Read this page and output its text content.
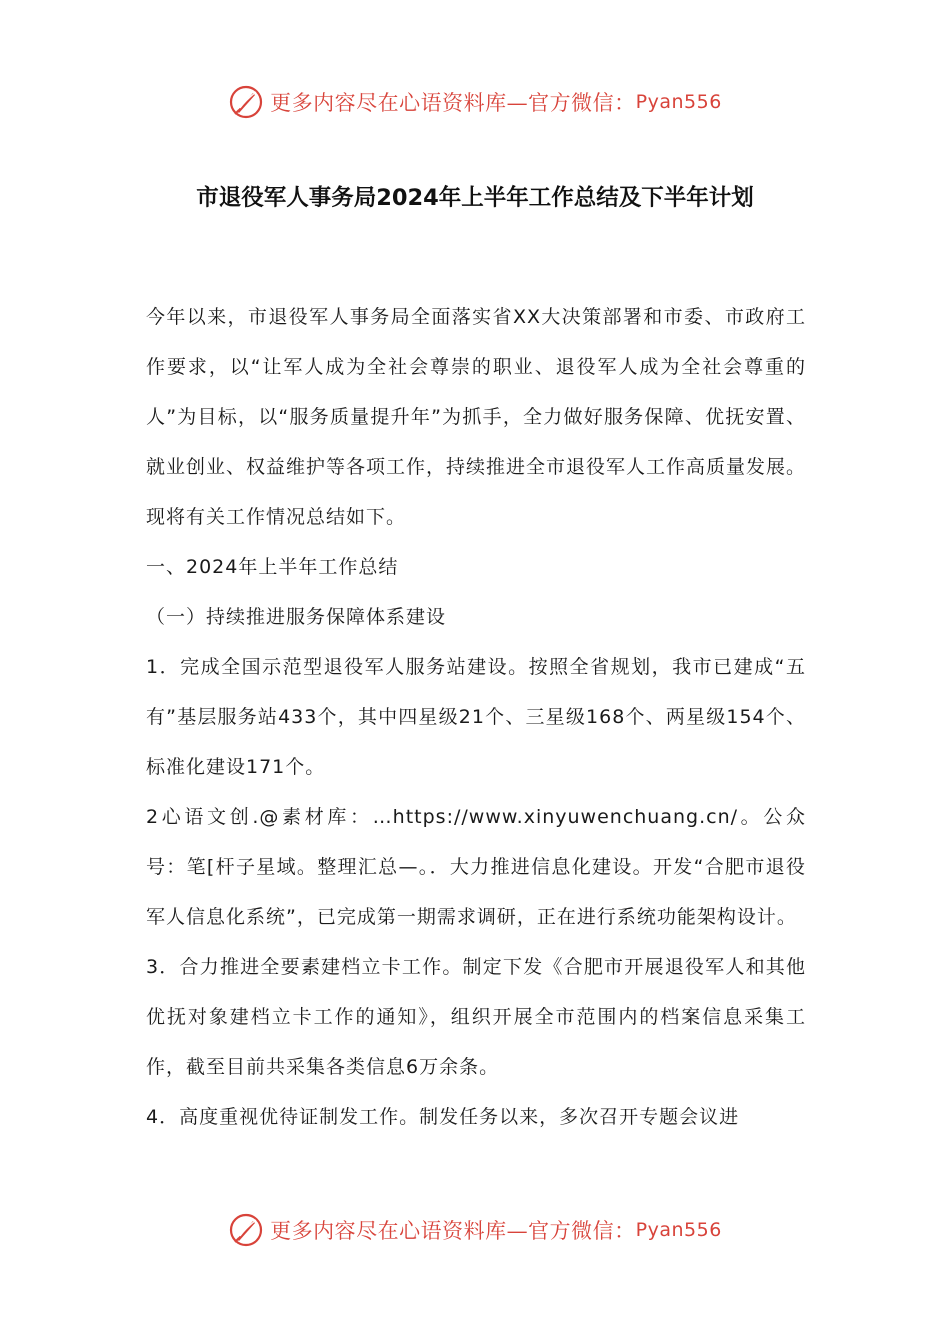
更多内容尽在心语资料库—官方微信： Pyan556
市退役军人事务局2024年上半年工作总结及下半年计划

今年以来，市退役军人事务局全面落实省XX大决策部署和市委、市政府工作要求，以“让军人成为全社会尊崇的职业、退役军人成为全社会尊重的人”为目标，以“服务质量提升年”为抓手，全力做好服务保障、优抚安置、就业创业、权益维护等各项工作，持续推进全市退役军人工作高质量发展。现将有关工作情况总结如下。

一、2024年上半年工作总结

（一）持续推进服务保障体系建设

1．完成全国示范型退役军人服务站建设。按照全省规划，我市已建成“五有”基层服务站433个，其中四星级21个、三星级168个、两星级154个、标准化建设171个。

2心语文创.@素材库：…https://www.xinyuwenchuang.cn/。公众号：笔[杆子星域。整理汇总—。．大力推进信息化建设。开发“合肥市退役军人信息化系统”，已完成第一期需求调研，正在进行系统功能架构设计。

3．合力推进全要素建档立卡工作。制定下发《合肥市开展退役军人和其他优抚对象建档立卡工作的通知》，组织开展全市范围内的档案信息采集工作，截至目前共采集各类信息6万余条。

4．高度重视优待证制发工作。制发任务以来，多次召开专题会议进

更多内容尽在心语资料库—官方微信： Pyan556
